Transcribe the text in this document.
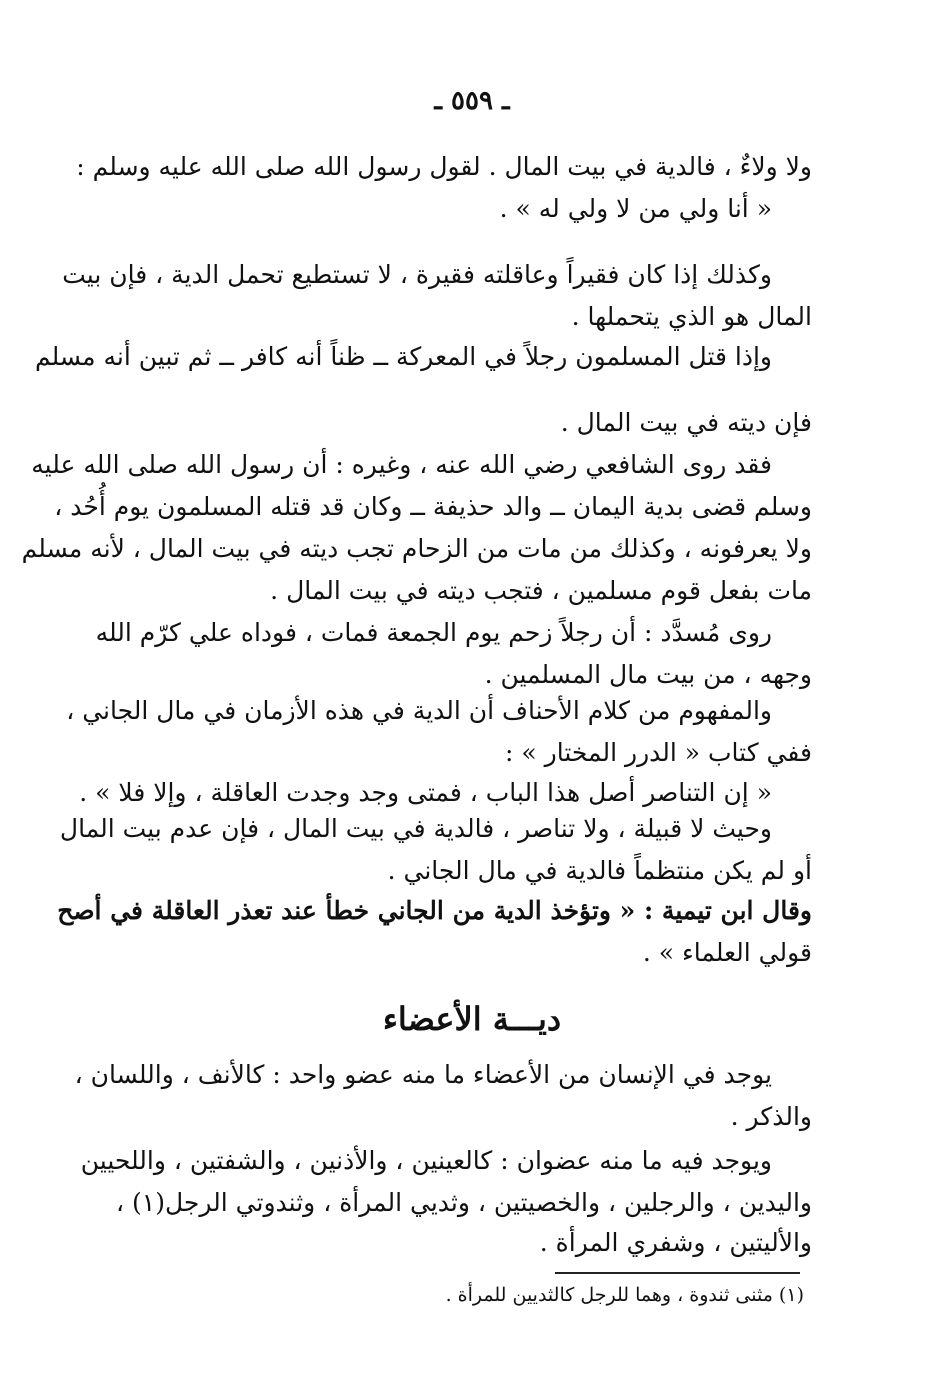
ـ ٥٥٩ ـ
ولا ولاءٌ ، فالدية في بيت المال . لقول رسول الله صلى الله عليه وسلم :
« أنا ولي من لا ولي له » .
وكذلك إذا كان فقيراً وعاقلته فقيرة ، لا تستطيع تحمل الدية ، فإن بيت
المال هو الذي يتحملها .
وإذا قتل المسلمون رجلاً في المعركة ــ ظناً أنه كافر ــ ثم تبين أنه مسلم
فإن ديته في بيت المال .
فقد روى الشافعي رضي الله عنه ، وغيره : أن رسول الله صلى الله عليه
وسلم قضى بدية اليمان ــ والد حذيفة ــ وكان قد قتله المسلمون يوم أُحُد ،
ولا يعرفونه ، وكذلك من مات من الزحام تجب ديته في بيت المال ، لأنه مسلم
مات بفعل قوم مسلمين ، فتجب ديته في بيت المال .
روى مُسدَّد : أن رجلاً زحم يوم الجمعة فمات ، فوداه علي كرّم الله
وجهه ، من بيت مال المسلمين .
والمفهوم من كلام الأحناف أن الدية في هذه الأزمان في مال الجاني ،
ففي كتاب « الدرر المختار » :
« إن التناصر أصل هذا الباب ، فمتى وجد وجدت العاقلة ، وإلا فلا » .
وحيث لا قبيلة ، ولا تناصر ، فالدية في بيت المال ، فإن عدم بيت المال
أو لم يكن منتظماً فالدية في مال الجاني .
وقال ابن تيمية : « وتؤخذ الدية من الجاني خطأ عند تعذر العاقلة في أصح
قولي العلماء » .
ديـــة الأعضاء
يوجد في الإنسان من الأعضاء ما منه عضو واحد : كالأنف ، واللسان ،
والذكر .
ويوجد فيه ما منه عضوان : كالعينين ، والأذنين ، والشفتين ، واللحيين
واليدين ، والرجلين ، والخصيتين ، وثديي المرأة ، وثندوتي الرجل(١) ،
والأليتين ، وشفري المرأة .
(١) مثنى ثندوة ، وهما للرجل كالثديين للمرأة .
